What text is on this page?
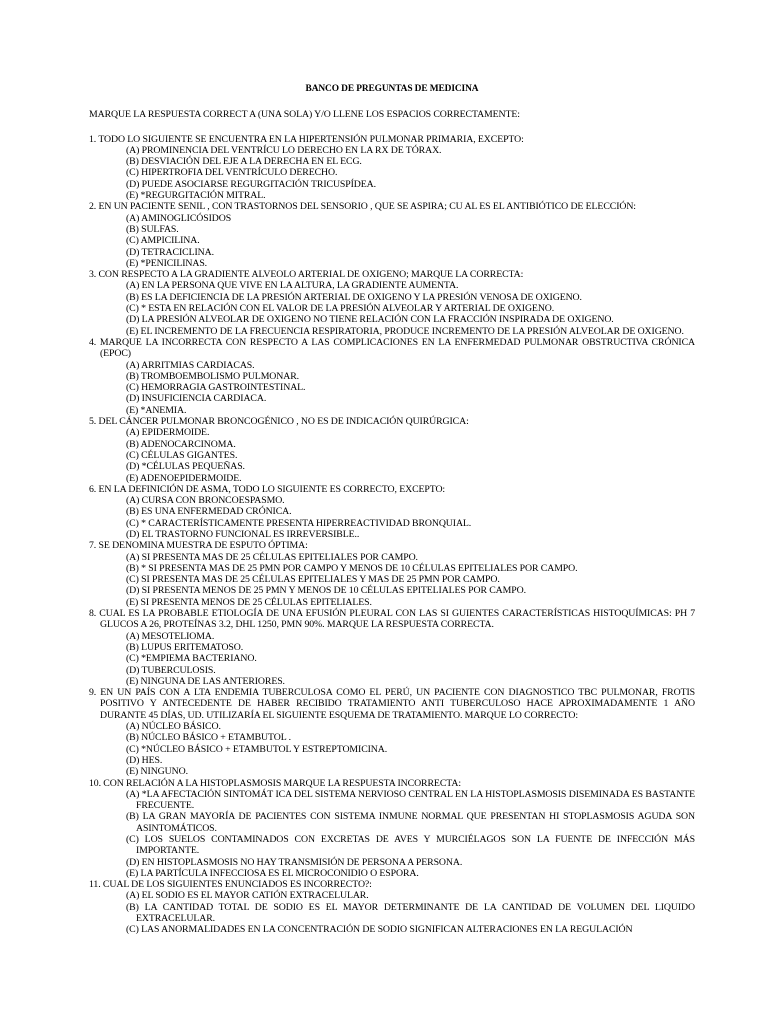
BANCO DE PREGUNTAS DE MEDICINA
MARQUE LA RESPUESTA CORRECT A (UNA SOLA) Y/O LLENE LOS ESPACIOS CORRECTAMENTE:
1. TODO LO SIGUIENTE SE ENCUENTRA EN LA HIPERTENSIÓN PULMONAR PRIMARIA, EXCEPTO:
(A) PROMINENCIA DEL VENTRÍCU LO DERECHO EN LA RX DE TÓRAX.
(B) DESVIACIÓN DEL EJE A LA DERECHA EN EL ECG.
(C) HIPERTROFIA DEL VENTRÍCULO DERECHO.
(D) PUEDE ASOCIARSE REGURGITACIÓN TRICUSPÍDEA.
(E) *REGURGITACIÓN MITRAL.
2. EN UN PACIENTE SENIL , CON TRASTORNOS DEL SENSORIO , QUE SE ASPIRA; CU AL ES EL ANTIBIÓTICO DE ELECCIÓN:
(A) AMINOGLICÓSIDOS
(B) SULFAS.
(C) AMPICILINA.
(D) TETRACICLINA.
(E) *PENICILINAS.
3. CON RESPECTO A LA GRADIENTE ALVEOLO ARTERIAL DE OXIGENO; MARQUE LA CORRECTA:
(A) EN LA PERSONA QUE VIVE EN LA ALTURA, LA GRADIENTE AUMENTA.
(B) ES LA DEFICIENCIA DE LA PRESIÓN ARTERIAL DE OXIGENO Y LA PRESIÓN VENOSA DE OXIGENO.
(C) * ESTA EN RELACIÓN CON EL VALOR DE LA PRESIÓN ALVEOLAR Y ARTERIAL DE OXIGENO.
(D) LA PRESIÓN ALVEOLAR DE OXIGENO NO TIENE RELACIÓN CON LA FRACCIÓN INSPIRADA DE OXIGENO.
(E) EL INCREMENTO DE LA FRECUENCIA RESPIRATORIA, PRODUCE INCREMENTO DE LA PRESIÓN ALVEOLAR DE OXIGENO.
4. MARQUE LA INCORRECTA CON RESPECTO A LAS COMPLICACIONES EN LA ENFERMEDAD PULMONAR OBSTRUCTIVA CRÓNICA (EPOC)
(A) ARRITMIAS CARDIACAS.
(B) TROMBOEMBOLISMO PULMONAR.
(C) HEMORRAGIA GASTROINTESTINAL.
(D) INSUFICIENCIA CARDIACA.
(E) *ANEMIA.
5. DEL CÁNCER PULMONAR BRONCOGÉNICO , NO ES DE INDICACIÓN QUIRÚRGICA:
(A) EPIDERMOIDE.
(B) ADENOCARCINOMA.
(C) CÉLULAS GIGANTES.
(D) *CÉLULAS PEQUEÑAS.
(E) ADENOEPIDERMOIDE.
6. EN LA DEFINICIÓN DE ASMA, TODO LO SIGUIENTE ES CORRECTO, EXCEPTO:
(A) CURSA CON BRONCOESPASMO.
(B) ES UNA ENFERMEDAD CRÓNICA.
(C) * CARACTERÍSTICAMENTE PRESENTA HIPERREACTIVIDAD BRONQUIAL.
(D) EL TRASTORNO FUNCIONAL ES IRREVERSIBLE..
7. SE DENOMINA MUESTRA DE ESPUTO ÓPTIMA:
(A) SI PRESENTA MAS DE 25 CÉLULAS EPITELIALES POR CAMPO.
(B) * SI PRESENTA MAS DE 25 PMN POR CAMPO Y MENOS DE 10 CÉLULAS EPITELIALES POR CAMPO.
(C) SI PRESENTA MAS DE 25 CÉLULAS EPITELIALES Y MAS DE 25 PMN POR CAMPO.
(D) SI PRESENTA MENOS DE 25 PMN Y MENOS DE 10 CÉLULAS EPITELIALES POR CAMPO.
(E) SI PRESENTA MENOS DE 25 CÉLULAS EPITELIALES.
8. CUAL ES LA PROBABLE ETIOLOGÍA DE UNA EFUSIÓN PLEURAL CON LAS SI GUIENTES CARACTERÍSTICAS HISTOQUÍMICAS: PH 7 GLUCOS A 26, PROTEÍNAS 3.2, DHL 1250, PMN 90%. MARQUE LA RESPUESTA CORRECTA.
(A) MESOTELIOMA.
(B) LUPUS ERITEMATOSO.
(C) *EMPIEMA BACTERIANO.
(D) TUBERCULOSIS.
(E) NINGUNA DE LAS ANTERIORES.
9. EN UN PAÍS CON A LTA ENDEMIA TUBERCULOSA COMO EL PERÚ, UN PACIENTE CON DIAGNOSTICO TBC PULMONAR, FROTIS POSITIVO Y ANTECEDENTE DE HABER RECIBIDO TRATAMIENTO ANTI TUBERCULOSO HACE APROXIMADAMENTE 1 AÑO DURANTE 45 DÍAS, UD. UTILIZARÍA EL SIGUIENTE ESQUEMA DE TRATAMIENTO. MARQUE LO CORRECTO:
(A) NÚCLEO BÁSICO.
(B) NÚCLEO BÁSICO + ETAMBUTOL .
(C) *NÚCLEO BÁSICO + ETAMBUTOL Y ESTREPTOMICINA.
(D) HES.
(E) NINGUNO.
10. CON RELACIÓN A LA HISTOPLASMOSIS MARQUE LA RESPUESTA INCORRECTA:
(A) *LA AFECTACIÓN SINTOMÁT ICA DEL SISTEMA NERVIOSO CENTRAL EN LA HISTOPLASMOSIS DISEMINADA ES BASTANTE FRECUENTE.
(B) LA GRAN MAYORÍA DE PACIENTES CON SISTEMA INMUNE NORMAL QUE PRESENTAN HI STOPLASMOSIS AGUDA SON ASINTOMÁTICOS.
(C) LOS SUELOS CONTAMINADOS CON EXCRETAS DE AVES Y MURCIÉLAGOS SON LA FUENTE DE INFECCIÓN MÁS IMPORTANTE.
(D) EN HISTOPLASMOSIS NO HAY TRANSMISIÓN DE PERSONA A PERSONA.
(E) LA PARTÍCULA INFECCIOSA ES EL MICROCONIDIO O ESPORA.
11. CUAL DE LOS SIGUIENTES ENUNCIADOS ES INCORRECTO?:
(A) EL SODIO ES EL MAYOR CATIÓN EXTRACELULAR.
(B) LA CANTIDAD TOTAL DE SODIO ES EL MAYOR DETERMINANTE DE LA CANTIDAD DE VOLUMEN DEL LIQUIDO EXTRACELULAR.
(C) LAS ANORMALIDADES EN LA CONCENTRACIÓN DE SODIO SIGNIFICAN ALTERACIONES EN LA REGULACIÓN
